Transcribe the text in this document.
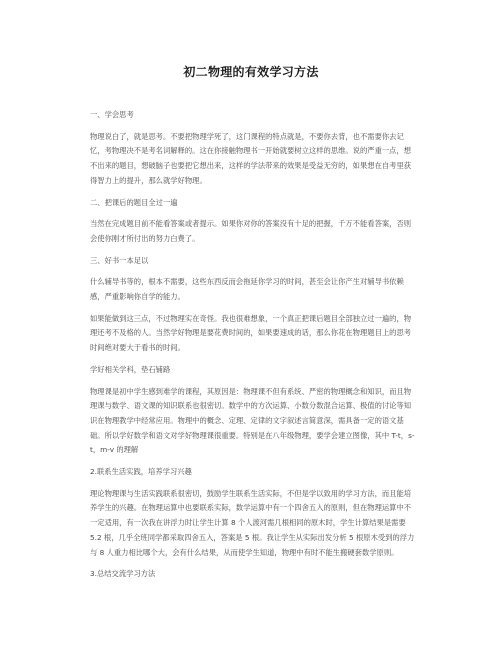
初二物理的有效学习方法

一、学会思考

物理说白了，就是思考。不要把物理学死了，这门课程的特点就是，不要你去背，也不需要你去记忆，考物理决不是考名词解释的。这在你接触物理书一开始就要树立这样的思维。说的严重一点，想不出来的题目，想破脑子也要把它想出来，这样的学法带来的效果是受益无穷的，如果想在自考里获得智力上的提升，那么就学好物理。

二、把课后的题目全过一遍

当然在完成题目前不能看答案或者提示。如果你对你的答案没有十足的把握，千万不能看答案，否则会使你刚才所付出的努力白费了。

三、好书一本足以

什么辅导书等的，根本不需要，这些东西反而会拖延你学习的时间，甚至会让你产生对辅导书依赖感，严重影响你自学的能力。

如果能做到这三点，不过物理实在奇怪。我也很难想象，一个真正把课后题目全部独立过一遍的，物理还考不及格的人。当然学好物理是要花费时间的，如果要速成的话，那么你花在物理题目上的思考时间绝对要大于看书的时间。

学好相关学科，垫石铺路

物理课是初中学生感到难学的课程，其原因是：物理课不但有系统、严密的物理概念和知识，而且物理课与数学、语文课的知识联系也很密切。数学中的方次运算、小数分数混合运算、极值的讨论等知识在物理教学中经常应用。物理中的概念、定理、定律的文字叙述言简意深，需具备一定的语文基础。所以学好数学和语文对学好物理课很重要。特别是在八年级物理，要学会建立图像，其中 T-t，s-t，m-v 的理解

2.联系生活实践，培养学习兴趣

理论物理课与生活实践联系很密切，鼓励学生联系生活实际，不但是学以致用的学习方法，而且能培养学生的兴趣。在物理运算中也要联系实际，数学运算中有一个四舍五入的原则，但在物理运算中不一定适用，有一次我在讲浮力时让学生计算 8 个人渡河需几根相同的原木时，学生计算结果是需要 5.2 根，几乎全班同学都采取四舍五入，答案是 5 根。我让学生从实际出发分析 5 根原木受到的浮力与 8 人重力相比哪个大，会有什么结果，从而使学生知道，物理中有时不能生搬硬套数学原则。

3.总结交流学习方法
